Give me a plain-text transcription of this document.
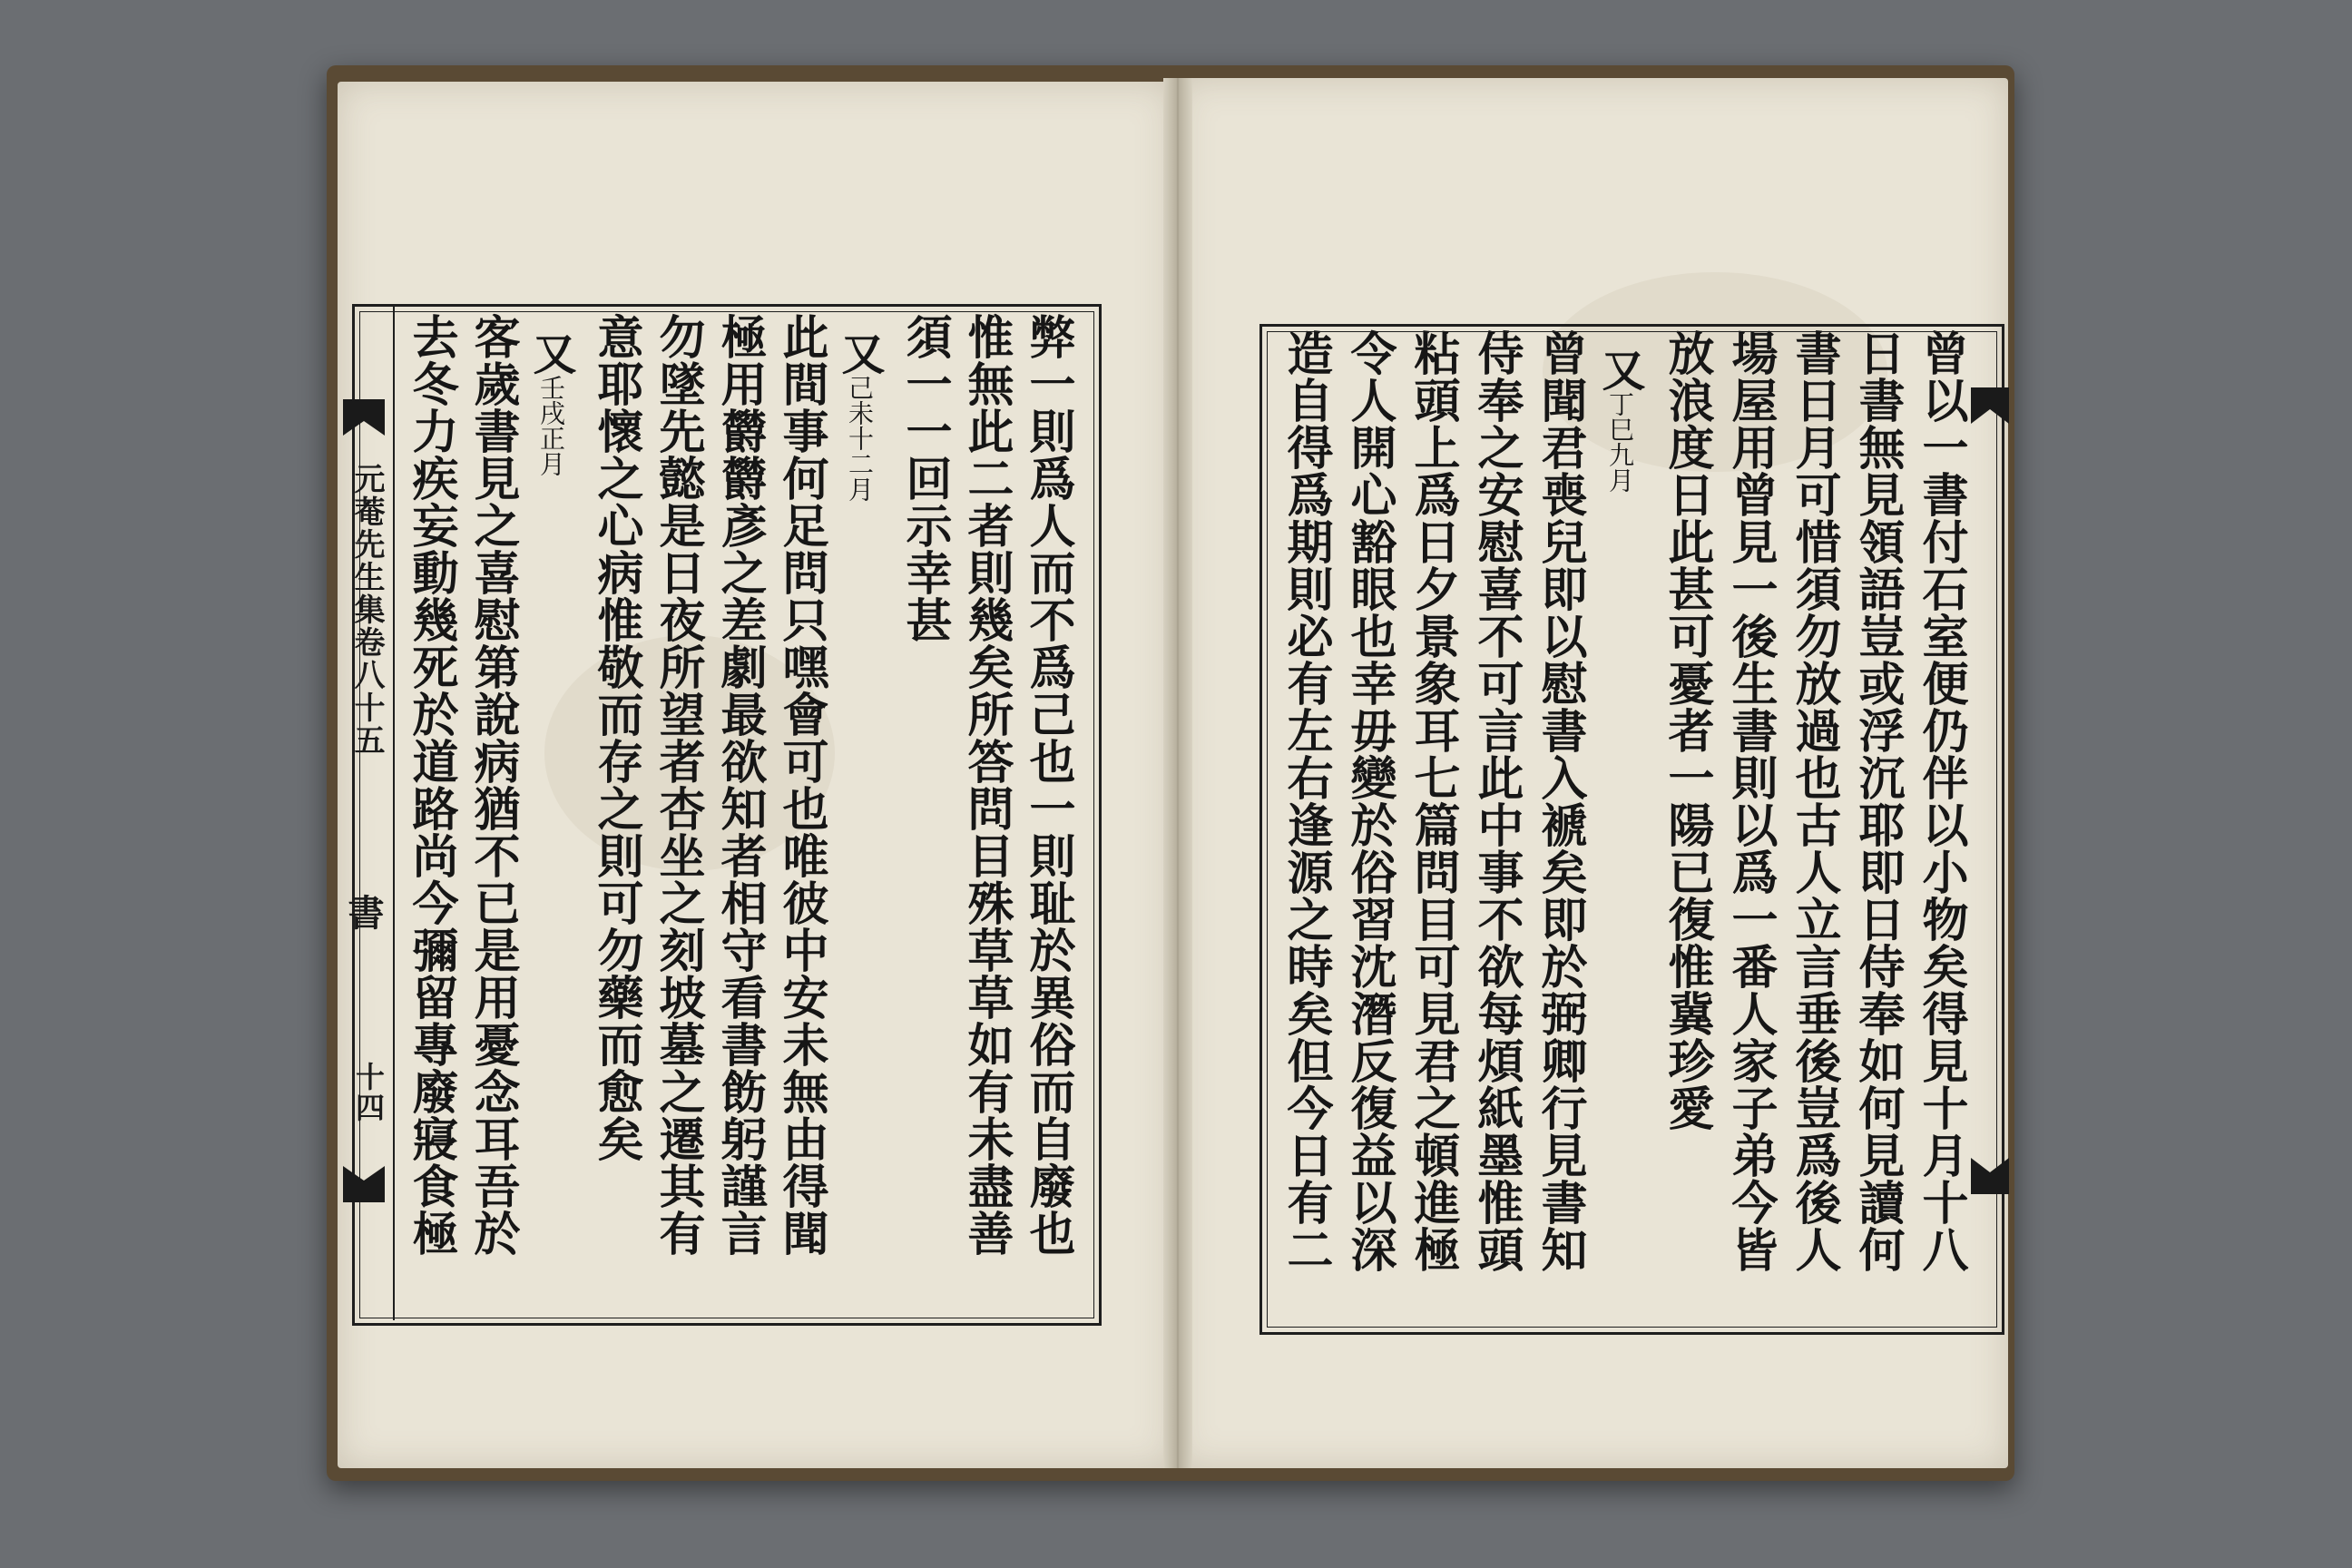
元菴先生集卷八十五
書
十四	弊一則爲人而不爲己也一則耻於異俗而自廢也
惟無此二者則幾矣所答問目殊草草如有未盡善
須一一回示幸甚
又己未十二月
此間事何足問只嘿會可也唯彼中安未無由得聞
極用欝欝彥之差劇最欲知者相守看書飭躬謹言
勿墜先懿是日夜所望者杏坐之刻坡墓之遷其有
意耶懷之心病惟敬而存之則可勿藥而愈矣
又壬戌正月
客歲書見之喜慰第說病猶不已是用憂念耳吾於
去冬力疾妄動幾死於道路尚今彌留專廢寢食極	曾以一書付石室便仍伴以小物矣得見十月十八
日書無見領語豈或浮沉耶即日侍奉如何見讀何
書日月可惜須勿放過也古人立言垂後豈爲後人
場屋用曾見一後生書則以爲一番人家子弟今皆
放浪度日此甚可憂者一陽已復惟冀珍愛
又丁巳九月
曾聞君喪兒即以慰書入褫矣即於弼卿行見書知
侍奉之安慰喜不可言此中事不欲每煩紙墨惟頭
粘頭上爲日夕景象耳七篇問目可見君之頓進極
令人開心豁眼也幸毋變於俗習沈潛反復益以深
造自得爲期則必有左右逢源之時矣但今日有二
